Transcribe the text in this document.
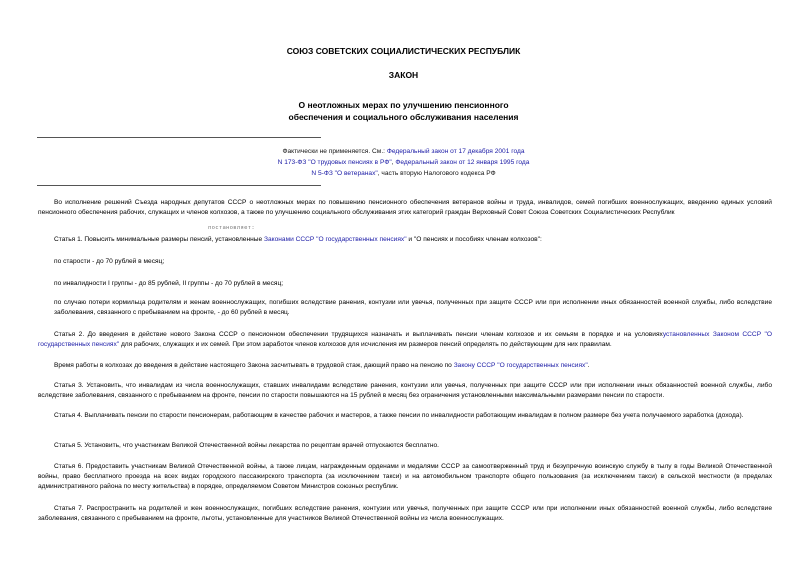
СОЮЗ СОВЕТСКИХ СОЦИАЛИСТИЧЕСКИХ РЕСПУБЛИК
ЗАКОН
О неотложных мерах по улучшению пенсионного
обеспечения и социального обслуживания населения
Фактически не применяется. См.: Федеральный закон от 17 декабря 2001 года
N 173-ФЗ "О трудовых пенсиях в РФ", Федеральный закон от 12 января 1995 года
N 5-ФЗ "О ветеранах", часть вторую Налогового кодекса РФ
Во исполнение решений Съезда народных депутатов СССР о неотложных мерах по повышению пенсионного обеспечения ветеранов войны и труда, инвалидов, семей погибших военнослужащих, введению единых условий пенсионного обеспечения рабочих, служащих и членов колхозов, а также по улучшению социального обслуживания этих категорий граждан Верховный Совет Союза Советских Социалистических Республик
постановляет:
Статья 1. Повысить минимальные размеры пенсий, установленные Законами СССР "О государственных пенсиях" и "О пенсиях и пособиях членам колхозов":
по старости - до 70 рублей в месяц;
по инвалидности I группы - до 85 рублей, II группы - до 70 рублей в месяц;
по случаю потери кормильца родителям и женам военнослужащих, погибших вследствие ранения, контузии или увечья, полученных при защите СССР или при исполнении иных обязанностей военной службы, либо вследствие заболевания, связанного с пребыванием на фронте, - до 60 рублей в месяц.
Статья 2. До введения в действие нового Закона СССР о пенсионном обеспечении трудящихся назначать и выплачивать пенсии членам колхозов и их семьям в порядке и на условияхустановленных Законом СССР "О государственных пенсиях" для рабочих, служащих и их семей. При этом заработок членов колхозов для исчисления им размеров пенсий определять по действующим для них правилам.
Время работы в колхозах до введения в действие настоящего Закона засчитывать в трудовой стаж, дающий право на пенсию по Закону СССР "О государственных пенсиях".
Статья 3. Установить, что инвалидам из числа военнослужащих, ставших инвалидами вследствие ранения, контузии или увечья, полученных при защите СССР или при исполнении иных обязанностей военной службы, либо вследствие заболевания, связанного с пребыванием на фронте, пенсии по старости повышаются на 15 рублей в месяц без ограничения установленными максимальными размерами пенсии по старости.
Статья 4. Выплачивать пенсии по старости пенсионерам, работающим в качестве рабочих и мастеров, а также пенсии по инвалидности работающим инвалидам в полном размере без учета получаемого заработка (дохода).
Статья 5. Установить, что участникам Великой Отечественной войны лекарства по рецептам врачей отпускаются бесплатно.
Статья 6. Предоставить участникам Великой Отечественной войны, а также лицам, награжденным орденами и медалями СССР за самоотверженный труд и безупречную воинскую службу в тылу в годы Великой Отечественной войны, право бесплатного проезда на всех видах городского пассажирского транспорта (за исключением такси) и на автомобильном транспорте общего пользования (за исключением такси) в сельской местности (в пределах административного района по месту жительства) в порядке, определяемом Советом Министров союзных республик.
Статья 7. Распространить на родителей и жен военнослужащих, погибших вследствие ранения, контузии или увечья, полученных при защите СССР или при исполнении иных обязанностей военной службы, либо вследствие заболевания, связанного с пребыванием на фронте, льготы, установленные для участников Великой Отечественной войны из числа военнослужащих.
